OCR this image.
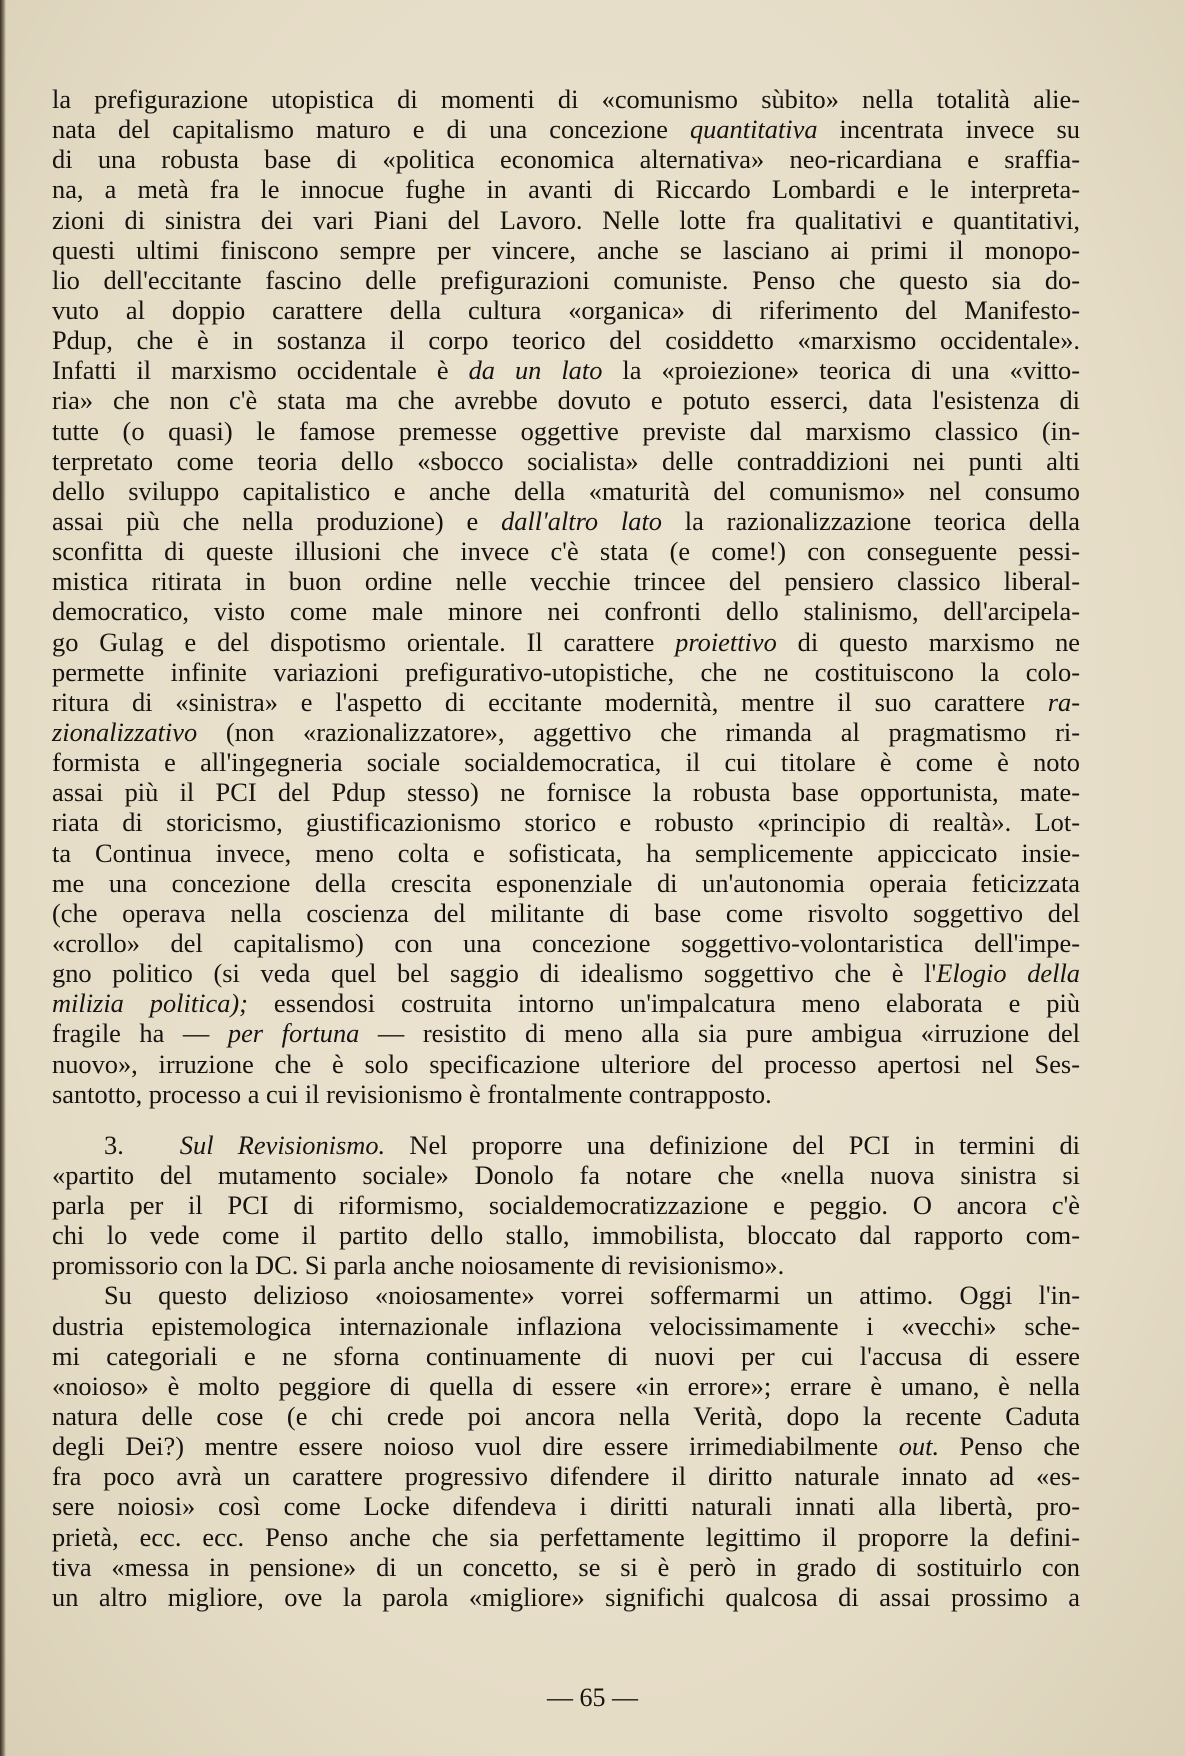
la prefigurazione utopistica di momenti di «comunismo sùbito» nella totalità alie-
nata del capitalismo maturo e di una concezione quantitativa incentrata invece su
di una robusta base di «politica economica alternativa» neo-ricardiana e sraffia-
na, a metà fra le innocue fughe in avanti di Riccardo Lombardi e le interpreta-
zioni di sinistra dei vari Piani del Lavoro. Nelle lotte fra qualitativi e quantitativi,
questi ultimi finiscono sempre per vincere, anche se lasciano ai primi il monopo-
lio dell'eccitante fascino delle prefigurazioni comuniste. Penso che questo sia do-
vuto al doppio carattere della cultura «organica» di riferimento del Manifesto-
Pdup, che è in sostanza il corpo teorico del cosiddetto «marxismo occidentale».
Infatti il marxismo occidentale è da un lato la «proiezione» teorica di una «vitto-
ria» che non c'è stata ma che avrebbe dovuto e potuto esserci, data l'esistenza di
tutte (o quasi) le famose premesse oggettive previste dal marxismo classico (in-
terpretato come teoria dello «sbocco socialista» delle contraddizioni nei punti alti
dello sviluppo capitalistico e anche della «maturità del comunismo» nel consumo
assai più che nella produzione) e dall'altro lato la razionalizzazione teorica della
sconfitta di queste illusioni che invece c'è stata (e come!) con conseguente pessi-
mistica ritirata in buon ordine nelle vecchie trincee del pensiero classico liberal-
democratico, visto come male minore nei confronti dello stalinismo, dell'arcipela-
go Gulag e del dispotismo orientale. Il carattere proiettivo di questo marxismo ne
permette infinite variazioni prefigurativo-utopistiche, che ne costituiscono la colo-
ritura di «sinistra» e l'aspetto di eccitante modernità, mentre il suo carattere ra-
zionalizzativo (non «razionalizzatore», aggettivo che rimanda al pragmatismo ri-
formista e all'ingegneria sociale socialdemocratica, il cui titolare è come è noto
assai più il PCI del Pdup stesso) ne fornisce la robusta base opportunista, mate-
riata di storicismo, giustificazionismo storico e robusto «principio di realtà». Lot-
ta Continua invece, meno colta e sofisticata, ha semplicemente appiccicato insie-
me una concezione della crescita esponenziale di un'autonomia operaia feticizzata
(che operava nella coscienza del militante di base come risvolto soggettivo del
«crollo» del capitalismo) con una concezione soggettivo-volontaristica dell'impe-
gno politico (si veda quel bel saggio di idealismo soggettivo che è l'Elogio della
milizia politica); essendosi costruita intorno un'impalcatura meno elaborata e più
fragile ha — per fortuna — resistito di meno alla sia pure ambigua «irruzione del
nuovo», irruzione che è solo specificazione ulteriore del processo apertosi nel Ses-
santotto, processo a cui il revisionismo è frontalmente contrapposto.
3. Sul Revisionismo. Nel proporre una definizione del PCI in termini di
«partito del mutamento sociale» Donolo fa notare che «nella nuova sinistra si
parla per il PCI di riformismo, socialdemocratizzazione e peggio. O ancora c'è
chi lo vede come il partito dello stallo, immobilista, bloccato dal rapporto com-
promissorio con la DC. Si parla anche noiosamente di revisionismo».
Su questo delizioso «noiosamente» vorrei soffermarmi un attimo. Oggi l'in-
dustria epistemologica internazionale inflaziona velocissimamente i «vecchi» sche-
mi categoriali e ne sforna continuamente di nuovi per cui l'accusa di essere
«noioso» è molto peggiore di quella di essere «in errore»; errare è umano, è nella
natura delle cose (e chi crede poi ancora nella Verità, dopo la recente Caduta
degli Dei?) mentre essere noioso vuol dire essere irrimediabilmente out. Penso che
fra poco avrà un carattere progressivo difendere il diritto naturale innato ad «es-
sere noiosi» così come Locke difendeva i diritti naturali innati alla libertà, pro-
prietà, ecc. ecc. Penso anche che sia perfettamente legittimo il proporre la defini-
tiva «messa in pensione» di un concetto, se si è però in grado di sostituirlo con
un altro migliore, ove la parola «migliore» significhi qualcosa di assai prossimo a
— 65 —
